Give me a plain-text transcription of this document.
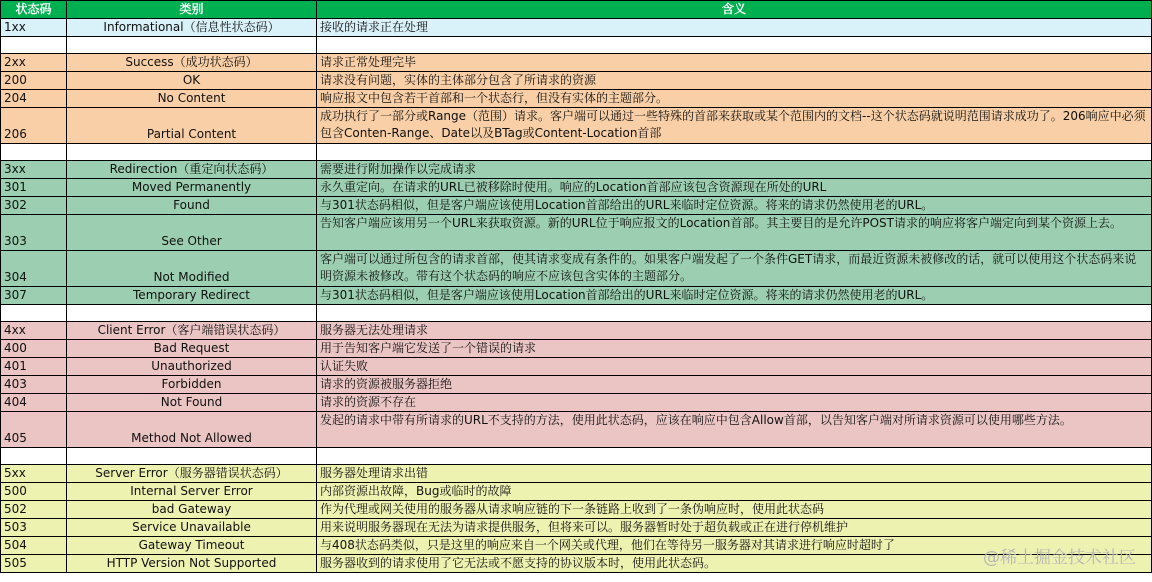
状态码	类别	含义
1xx	Informational（信息性状态码）	接收的请求正在处理

2xx	Success（成功状态码）	请求正常处理完毕
200	OK	请求没有问题，实体的主体部分包含了所请求的资源
204	No Content	响应报文中包含若干首部和一个状态行，但没有实体的主题部分。
206	Partial Content	成功执行了一部分或Range（范围）请求。客户端可以通过一些特殊的首部来获取或某个范围内的文档--这个状态码就说明范围请求成功了。206响应中必须包含Conten-Range、Date以及BTag或Content-Location首部

3xx	Redirection（重定向状态码）	需要进行附加操作以完成请求
301	Moved Permanently	永久重定向。在请求的URL已被移除时使用。响应的Location首部应该包含资源现在所处的URL
302	Found	与301状态码相似，但是客户端应该使用Location首部给出的URL来临时定位资源。将来的请求仍然使用老的URL。
303	See Other	告知客户端应该用另一个URL来获取资源。新的URL位于响应报文的Location首部。其主要目的是允许POST请求的响应将客户端定向到某个资源上去。
304	Not Modified	客户端可以通过所包含的请求首部，使其请求变成有条件的。如果客户端发起了一个条件GET请求，而最近资源未被修改的话，就可以使用这个状态码来说明资源未被修改。带有这个状态码的响应不应该包含实体的主题部分。
307	Temporary Redirect	与301状态码相似，但是客户端应该使用Location首部给出的URL来临时定位资源。将来的请求仍然使用老的URL。

4xx	Client Error（客户端错误状态码）	服务器无法处理请求
400	Bad Request	用于告知客户端它发送了一个错误的请求
401	Unauthorized	认证失败
403	Forbidden	请求的资源被服务器拒绝
404	Not Found	请求的资源不存在
405	Method Not Allowed	发起的请求中带有所请求的URL不支持的方法，使用此状态码，应该在响应中包含Allow首部，以告知客户端对所请求资源可以使用哪些方法。

5xx	Server Error（服务器错误状态码）	服务器处理请求出错
500	Internal Server Error	内部资源出故障，Bug或临时的故障
502	bad Gateway	作为代理或网关使用的服务器从请求响应链的下一条链路上收到了一条伪响应时，使用此状态码
503	Service Unavailable	用来说明服务器现在无法为请求提供服务，但将来可以。服务器暂时处于超负载或正在进行停机维护
504	Gateway Timeout	与408状态码类似，只是这里的响应来自一个网关或代理，他们在等待另一服务器对其请求进行响应时超时了
505	HTTP Version Not Supported	服务器收到的请求使用了它无法或不愿支持的协议版本时，使用此状态码。	@稀土掘金技术社区
